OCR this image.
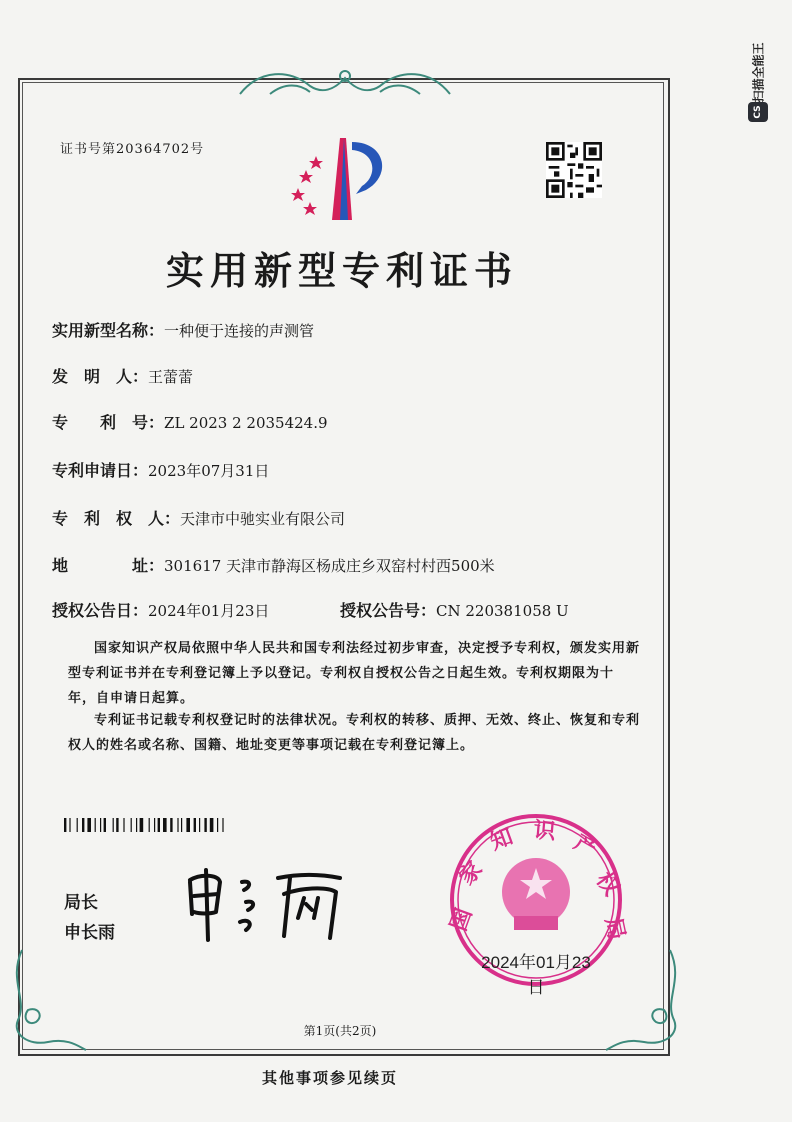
扫描全能王
CS
证书号第20364702号
实用新型专利证书
实用新型名称：一种便于连接的声测管
发　明　人：王蕾蕾
专　　利　号：ZL 2023 2 2035424.9
专利申请日：2023年07月31日
专　利　权　人：天津市中驰实业有限公司
地　　　　址：301617 天津市静海区杨成庄乡双窑村村西500米
授权公告日：2024年01月23日	授权公告号：CN 220381058 U
国家知识产权局依照中华人民共和国专利法经过初步审查，决定授予专利权，颁发实用新型专利证书并在专利登记簿上予以登记。专利权自授权公告之日起生效。专利权期限为十年，自申请日起算。
专利证书记载专利权登记时的法律状况。专利权的转移、质押、无效、终止、恢复和专利权人的姓名或名称、国籍、地址变更等事项记载在专利登记簿上。
局长
申长雨	国
家
知 识 产
权
局
2024年01月23日
第1页(共2页)
其他事项参见续页
